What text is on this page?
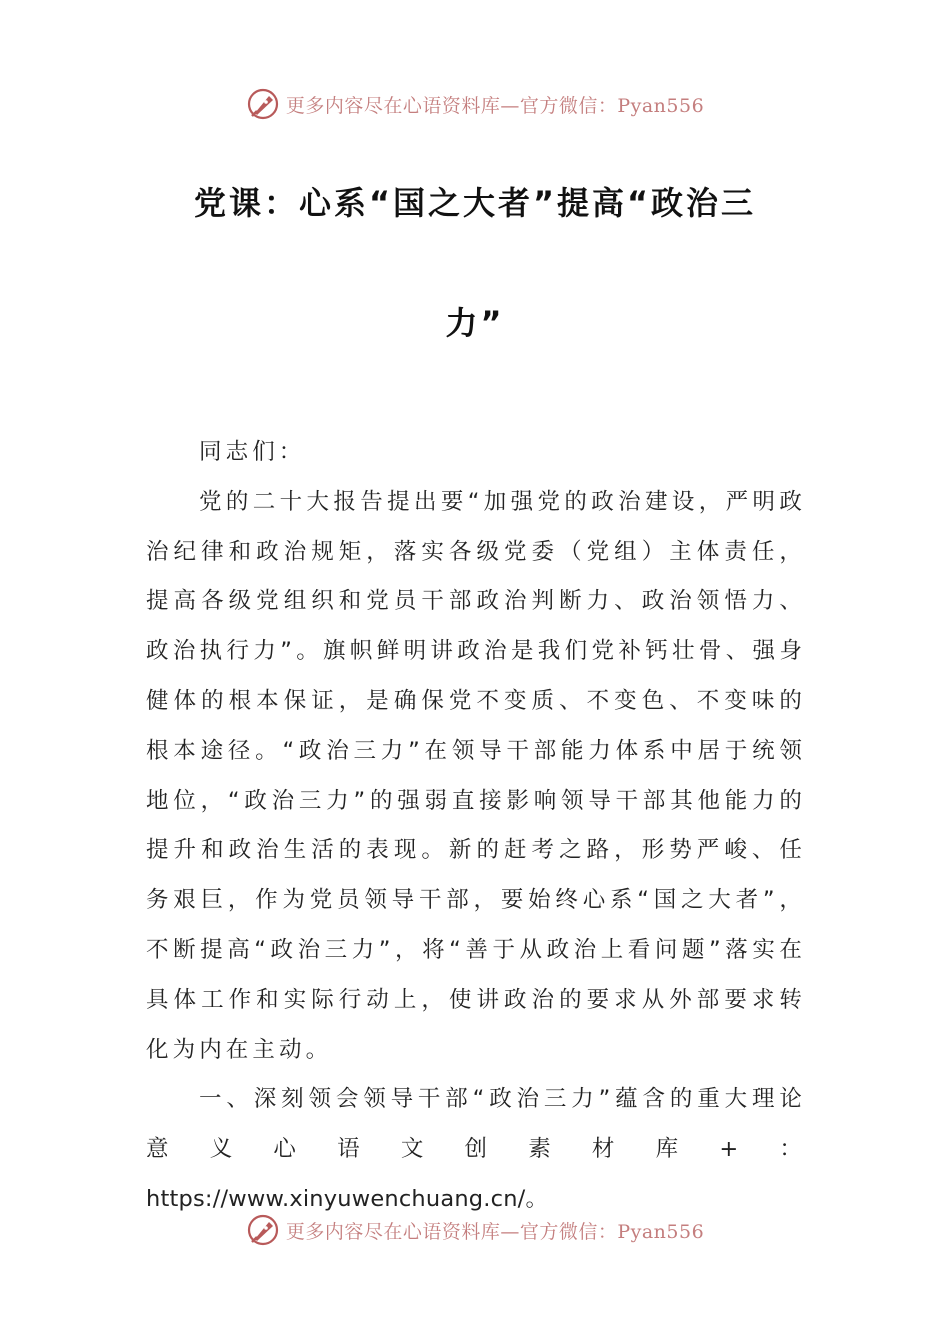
更多内容尽在心语资料库—官方微信：Pyan556
党课：心系“国之大者”提高“政治三
力”

同志们：

党的二十大报告提出要“加强党的政治建设，严明政治纪律和政治规矩，落实各级党委（党组）主体责任，提高各级党组织和党员干部政治判断力、政治领悟力、政治执行力”。旗帜鲜明讲政治是我们党补钙壮骨、强身健体的根本保证，是确保党不变质、不变色、不变味的根本途径。“政治三力”在领导干部能力体系中居于统领地位，“政治三力”的强弱直接影响领导干部其他能力的提升和政治生活的表现。新的赶考之路，形势严峻、任务艰巨，作为党员领导干部，要始终心系“国之大者”，不断提高“政治三力”，将“善于从政治上看问题”落实在具体工作和实际行动上，使讲政治的要求从外部要求转化为内在主动。

一、深刻领会领导干部“政治三力”蕴含的重大理论意义心语文创素材库+：https://www.xinyuwenchuang.cn/。

更多内容尽在心语资料库—官方微信：Pyan556
